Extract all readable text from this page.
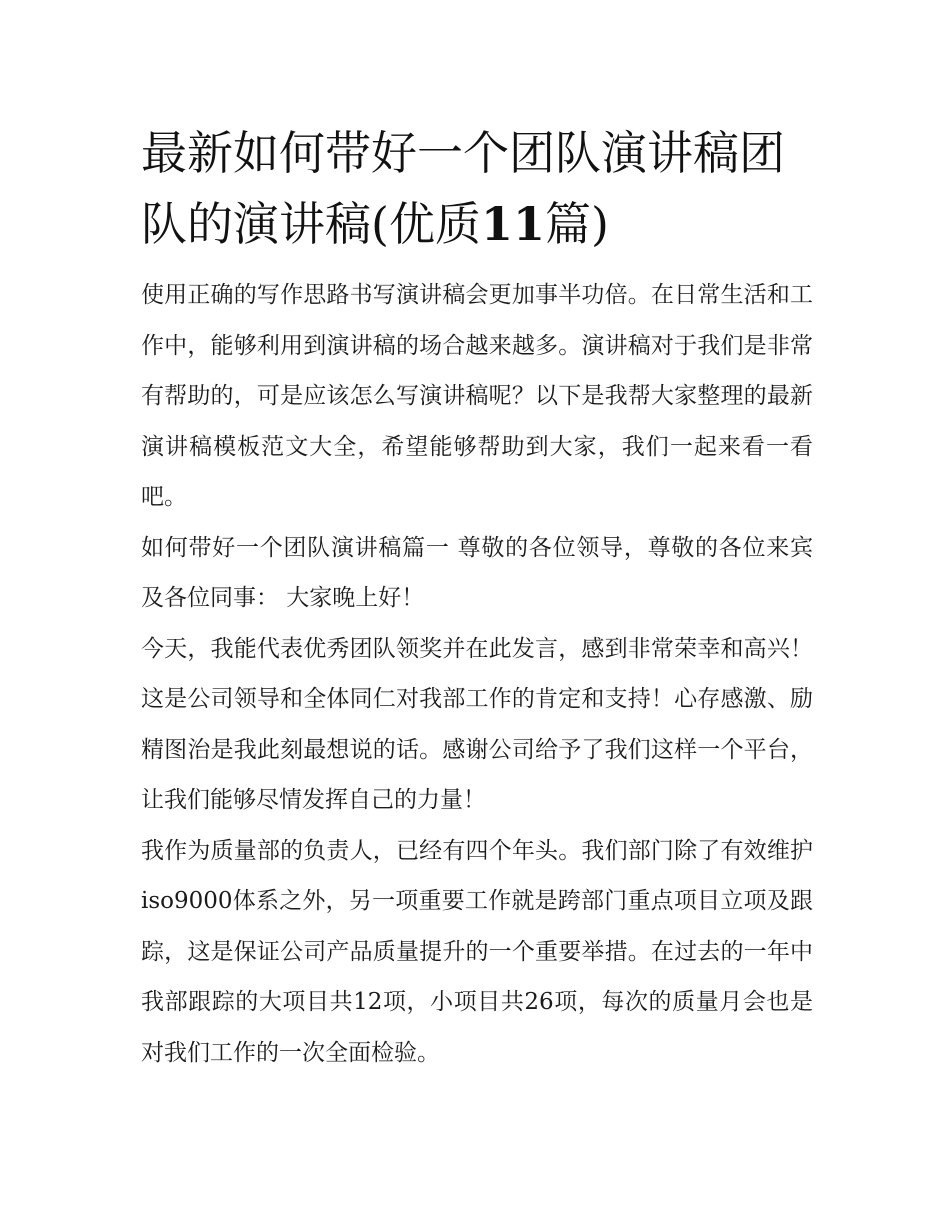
最新如何带好一个团队演讲稿团队的演讲稿(优质11篇)

使用正确的写作思路书写演讲稿会更加事半功倍。在日常生活和工作中，能够利用到演讲稿的场合越来越多。演讲稿对于我们是非常有帮助的，可是应该怎么写演讲稿呢？以下是我帮大家整理的最新演讲稿模板范文大全，希望能够帮助到大家，我们一起来看一看吧。

如何带好一个团队演讲稿篇一 尊敬的各位领导，尊敬的各位来宾及各位同事： 大家晚上好！

今天，我能代表优秀团队领奖并在此发言，感到非常荣幸和高兴！这是公司领导和全体同仁对我部工作的肯定和支持！心存感激、励精图治是我此刻最想说的话。感谢公司给予了我们这样一个平台，让我们能够尽情发挥自己的力量！

我作为质量部的负责人，已经有四个年头。我们部门除了有效维护iso9000体系之外，另一项重要工作就是跨部门重点项目立项及跟踪，这是保证公司产品质量提升的一个重要举措。在过去的一年中我部跟踪的大项目共12项，小项目共26项，每次的质量月会也是对我们工作的一次全面检验。
